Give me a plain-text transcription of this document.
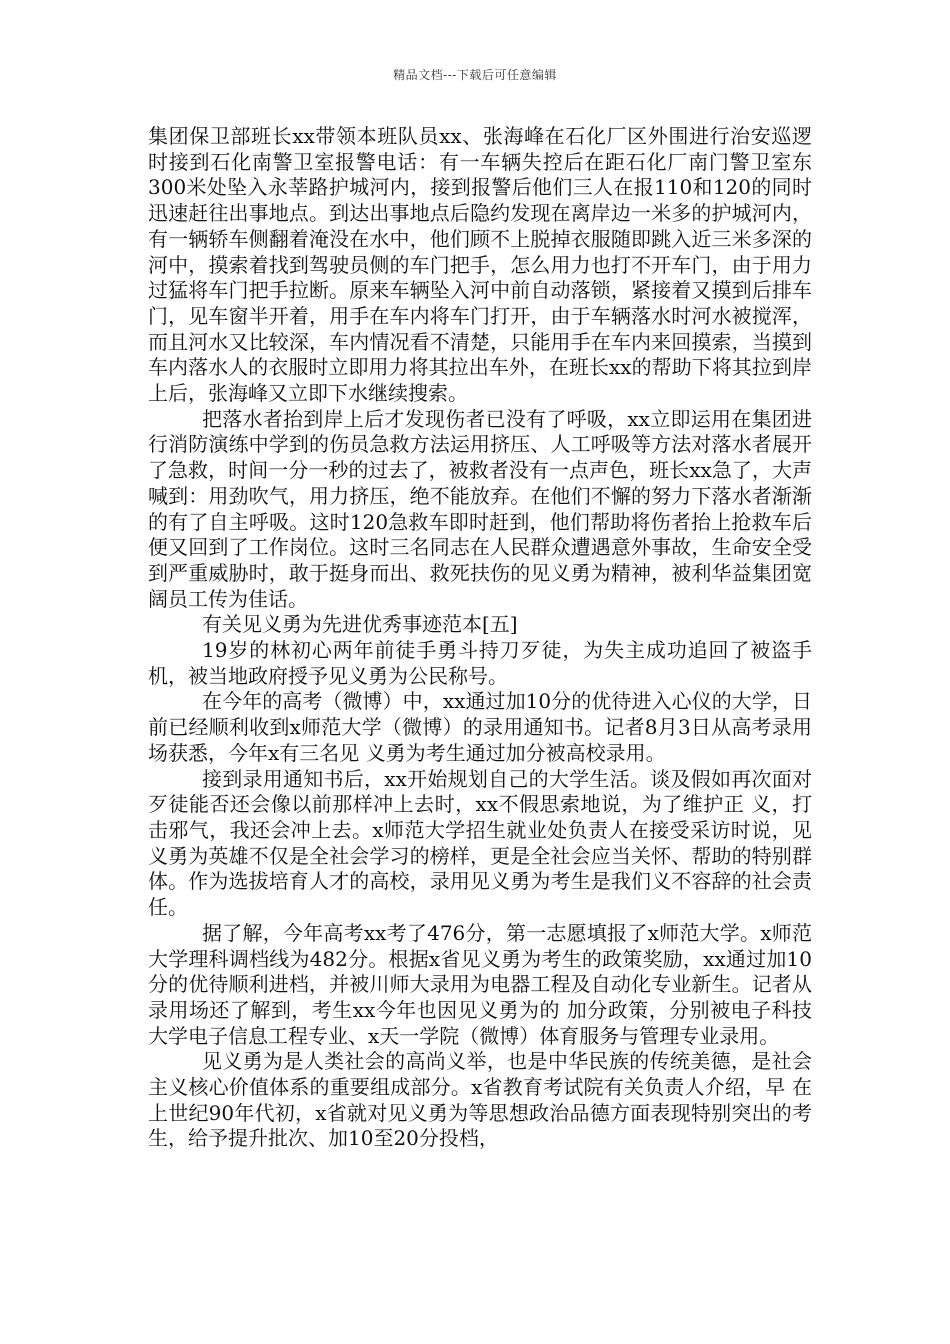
精品文档---下载后可任意编辑

集团保卫部班长xx带领本班队员xx、张海峰在石化厂区外围进行治安巡逻时接到石化南警卫室报警电话：有一车辆失控后在距石化厂南门警卫室东300米处坠入永莘路护城河内，接到报警后他们三人在报110和120的同时迅速赶往出事地点。到达出事地点后隐约发现在离岸边一米多的护城河内，有一辆轿车侧翻着淹没在水中，他们顾不上脱掉衣服随即跳入近三米多深的河中，摸索着找到驾驶员侧的车门把手，怎么用力也打不开车门，由于用力过猛将车门把手拉断。原来车辆坠入河中前自动落锁，紧接着又摸到后排车门，见车窗半开着，用手在车内将车门打开，由于车辆落水时河水被搅浑，而且河水又比较深，车内情况看不清楚，只能用手在车内来回摸索，当摸到车内落水人的衣服时立即用力将其拉出车外，在班长xx的帮助下将其拉到岸上后，张海峰又立即下水继续搜索。

把落水者抬到岸上后才发现伤者已没有了呼吸，xx立即运用在集团进行消防演练中学到的伤员急救方法运用挤压、人工呼吸等方法对落水者展开了急救，时间一分一秒的过去了，被救者没有一点声色，班长xx急了，大声喊到：用劲吹气，用力挤压，绝不能放弃。在他们不懈的努力下落水者渐渐的有了自主呼吸。这时120急救车即时赶到，他们帮助将伤者抬上抢救车后便又回到了工作岗位。这时三名同志在人民群众遭遇意外事故，生命安全受到严重威胁时，敢于挺身而出、救死扶伤的见义勇为精神，被利华益集团宽阔员工传为佳话。

有关见义勇为先进优秀事迹范本[五]

19岁的林初心两年前徒手勇斗持刀歹徒，为失主成功追回了被盗手机，被当地政府授予见义勇为公民称号。

在今年的高考（微博）中，xx通过加10分的优待进入心仪的大学，日前已经顺利收到x师范大学（微博）的录用通知书。记者8月3日从高考录用场获悉，今年x有三名见 义勇为考生通过加分被高校录用。

接到录用通知书后，xx开始规划自己的大学生活。谈及假如再次面对歹徒能否还会像以前那样冲上去时，xx不假思索地说，为了维护正 义，打击邪气，我还会冲上去。x师范大学招生就业处负责人在接受采访时说，见义勇为英雄不仅是全社会学习的榜样，更是全社会应当关怀、帮助的特别群 体。作为选拔培育人才的高校，录用见义勇为考生是我们义不容辞的社会责任。

据了解，今年高考xx考了476分，第一志愿填报了x师范大学。x师范大学理科调档线为482分。根据x省见义勇为考生的政策奖励，xx通过加10分的优待顺利进档，并被川师大录用为电器工程及自动化专业新生。记者从录用场还了解到，考生xx今年也因见义勇为的 加分政策，分别被电子科技大学电子信息工程专业、x天一学院（微博）体育服务与管理专业录用。

见义勇为是人类社会的高尚义举，也是中华民族的传统美德，是社会主义核心价值体系的重要组成部分。x省教育考试院有关负责人介绍，早 在上世纪90年代初，x省就对见义勇为等思想政治品德方面表现特别突出的考生，给予提升批次、加10至20分投档，
